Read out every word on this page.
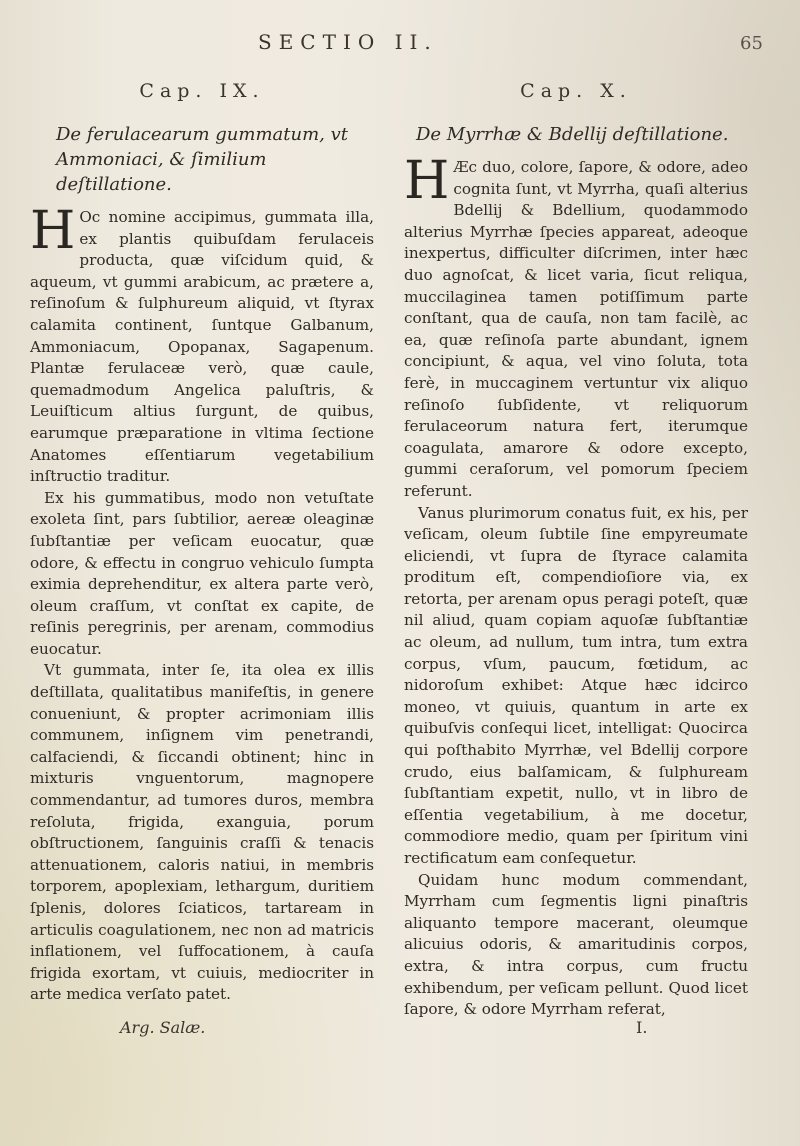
SECTIO II.	65
Cap. IX.
De ferulacearum gummatum, vt Ammoniaci, & ſimilium deſtillatione.

H Oc nomine accipimus, gummata illa, ex plantis quibuſdam ferulaceis producta, quæ viſcidum quid, & aqueum, vt gummi arabicum, ac prætere a, reſinoſum & ſulphureum aliquid, vt ſtyrax calamita continent, ſuntque Galbanum, Ammoniacum, Opopanax, Sagapenum. Plantæ ferulaceæ verò, quæ caule, quemadmodum Angelica paluſtris, & Leuiſticum altius ſurgunt, de quibus, earumque præparatione in vltima ſectione Anatomes eſſentiarum vegetabilium inſtructio traditur.

Ex his gummatibus, modo non vetuſtate exoleta ſint, pars ſubtilior, aereæ oleaginæ ſubſtantiæ per veſicam euocatur, quæ odore, & effectu in congruo vehiculo ſumpta eximia deprehenditur, ex altera parte verò, oleum craſſum, vt conſtat ex capite, de reſinis peregrinis, per arenam, commodius euocatur.

Vt gummata, inter ſe, ita olea ex illis deſtillata, qualitatibus manifeſtis, in genere conueniunt, & propter acrimoniam illis communem, inſignem vim penetrandi, calfaciendi, & ſiccandi obtinent; hinc in mixturis vnguentorum, magnopere commendantur, ad tumores duros, membra reſoluta, frigida, exanguia, porum obſtructionem, ſanguinis craſſi & tenacis attenuationem, caloris natiui, in membris torporem, apoplexiam, lethargum, duritiem ſplenis, dolores ſciaticos, tartaream in articulis coagulationem, nec non ad matricis inflationem, vel ſuffocationem, à cauſa frigida exortam, vt cuiuis, mediocriter in arte medica verſato patet.

Cap. X.
De Myrrhæ & Bdellij deſtillatione.

H Æc duo, colore, ſapore, & odore, adeo cognita ſunt, vt Myrrha, quaſi alterius Bdellij & Bdellium, quodammodo alterius Myrrhæ ſpecies appareat, adeoque inexpertus, difficulter diſcrimen, inter hæc duo agnoſcat, & licet varia, ſicut reliqua, muccilaginea tamen potiſſimum parte conſtant, qua de cauſa, non tam facilè, ac ea, quæ reſinoſa parte abundant, ignem concipiunt, & aqua, vel vino ſoluta, tota ferè, in muccaginem vertuntur vix aliquo reſinoſo ſubſidente, vt reliquorum ferulaceorum natura fert, iterumque coagulata, amarore & odore excepto, gummi ceraſorum, vel pomorum ſpeciem referunt.

Vanus plurimorum conatus fuit, ex his, per veſicam, oleum ſubtile ſine empyreumate eliciendi, vt ſupra de ſtyrace calamita proditum eſt, compendioſiore via, ex retorta, per arenam opus peragi poteſt, quæ nil aliud, quam copiam aquoſæ ſubſtantiæ ac oleum, ad nullum, tum intra, tum extra corpus, vſum, paucum, fœtidum, ac nidoroſum exhibet: Atque hæc idcirco moneo, vt quiuis, quantum in arte ex quibuſvis conſequi licet, intelligat: Quocirca qui poſthabito Myrrhæ, vel Bdellij corpore crudo, eius balſamicam, & ſulphuream ſubſtantiam expetit, nullo, vt in libro de eſſentia vegetabilium, à me docetur, commodiore medio, quam per ſpiritum vini rectificatum eam conſequetur.

Quidam hunc modum commendant, Myrrham cum ſegmentis ligni pinaſtris aliquanto tempore macerant, oleumque alicuius odoris, & amaritudinis corpos, extra, & intra corpus, cum fructu exhibendum, per veſicam pellunt. Quod licet ſapore, & odore Myrrham referat,

Arg. Salæ.	I.
